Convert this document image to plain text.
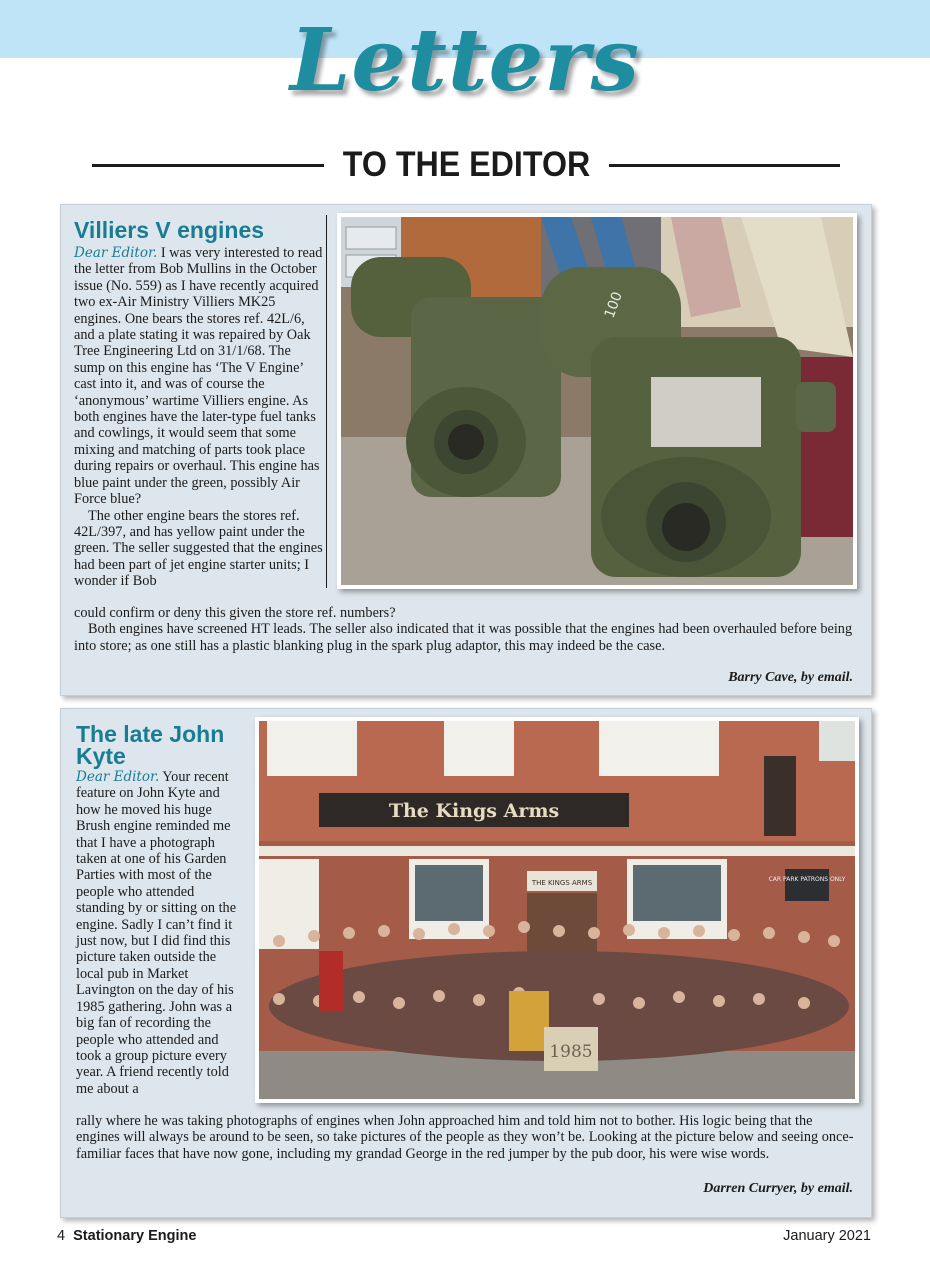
Letters
TO THE EDITOR
Villiers V engines

Dear Editor. I was very interested to read the letter from Bob Mullins in the October issue (No. 559) as I have recently acquired two ex-Air Ministry Villiers MK25 engines. One bears the stores ref. 42L/6, and a plate stating it was repaired by Oak Tree Engineering Ltd on 31/1/68. The sump on this engine has ‘The V Engine’ cast into it, and was of course the ‘anonymous’ wartime Villiers engine. As both engines have the later-type fuel tanks and cowlings, it would seem that some mixing and matching of parts took place during repairs or overhaul. This engine has blue paint under the green, possibly Air Force blue?

The other engine bears the stores ref. 42L/397, and has yellow paint under the green. The seller suggested that the engines had been part of jet engine starter units; I wonder if Bob

100

could confirm or deny this given the store ref. numbers?

Both engines have screened HT leads. The seller also indicated that it was possible that the engines had been overhauled before being into store; as one still has a plastic blanking plug in the spark plug adaptor, this may indeed be the case.

Barry Cave, by email.
The late John Kyte

Dear Editor. Your recent feature on John Kyte and how he moved his huge Brush engine reminded me that I have a photograph taken at one of his Garden Parties with most of the people who attended standing by or sitting on the engine. Sadly I can’t find it just now, but I did find this picture taken outside the local pub in Market Lavington on the day of his 1985 gathering. John was a big fan of recording the people who attended and took a group picture every year. A friend recently told me about a

The Kings Arms
THE KINGS ARMS	CAR PARK PATRONS ONLY
1985

rally where he was taking photographs of engines when John approached him and told him not to bother. His logic being that the engines will always be around to be seen, so take pictures of the people as they won’t be. Looking at the picture below and seeing once-familiar faces that have now gone, including my grandad George in the red jumper by the pub door, his were wise words.

Darren Curryer, by email.
4 Stationary Engine	January 2021
